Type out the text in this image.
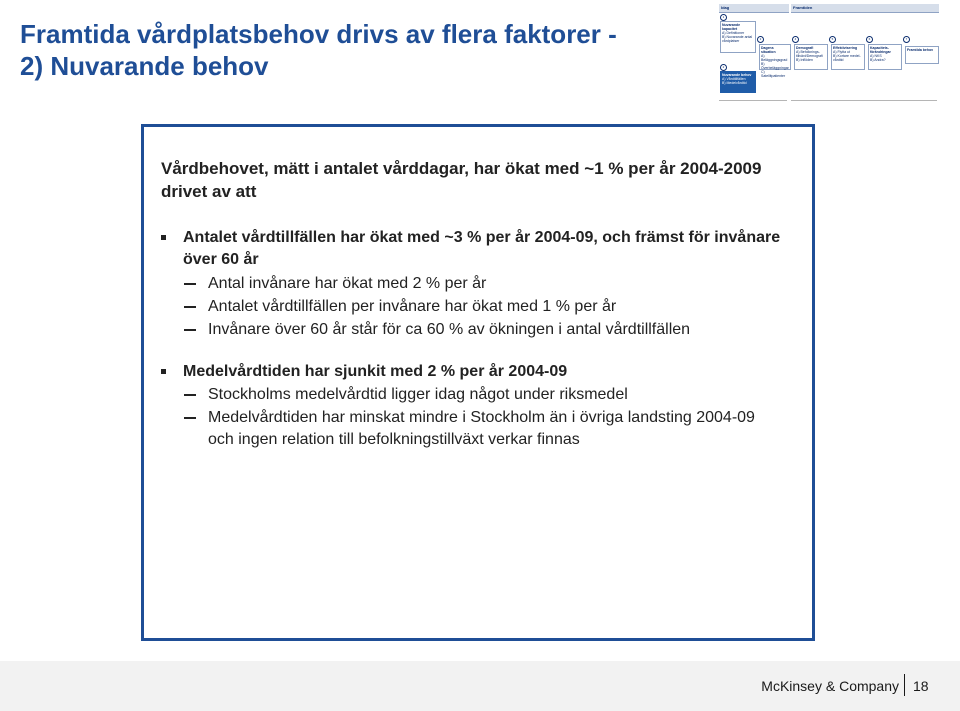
Framtida vårdplatsbehov drivs av flera faktorer -
2) Nuvarande behov
Idag	Framtiden
1
Nuvarande kapacitet
A) Definitioner
B) Nuvarande antal vårdplatser
2
Nuvarande behov
A) Vårdtillfällen
B) Medelvårdtid
3
Dagens situation
A) Beläggningsgrad
B) Överbeläggningar
C) Satellitpatienter
4
Demografi
A) Befolknings-tillväxt/Demografi
B) Inflöden
5
Effektivisering
A) Flytta ut
B) Kortare medel-vårdtid
6
Kapacitets-förändringar
A) NKS
B) Andra?
7
Framtida behov
Vårdbehovet, mätt i antalet vårddagar, har ökat med ~1 % per år 2004-2009 drivet av att
Antalet vårdtillfällen har ökat med ~3 % per år 2004-09, och främst för invånare över 60 år
Antal invånare har ökat med 2 % per år
Antalet vårdtillfällen per invånare har ökat med 1 % per år
Invånare över 60 år står för ca 60 % av ökningen i antal vårdtillfällen
Medelvårdtiden har sjunkit med 2 % per år 2004-09
Stockholms medelvårdtid ligger idag något under riksmedel
Medelvårdtiden har minskat mindre i Stockholm än i övriga landsting 2004-09 och ingen relation till befolkningstillväxt verkar finnas
McKinsey & Company 18
